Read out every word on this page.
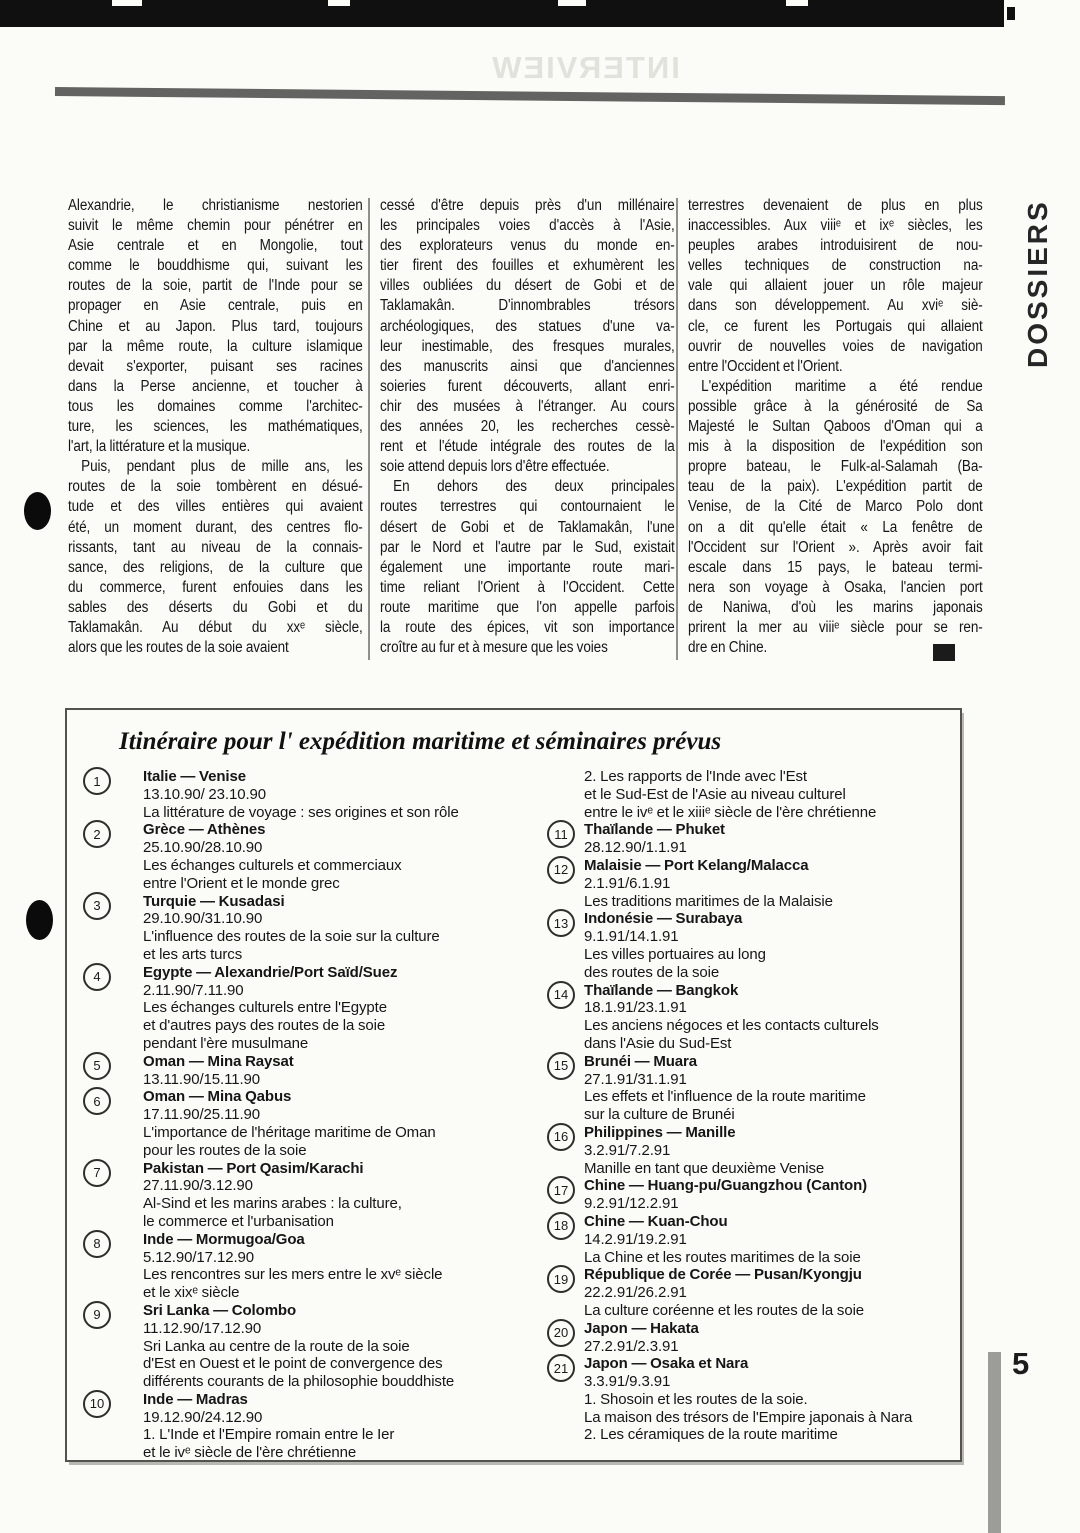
INTERVIEW
Alexandrie, le christianisme nestorien
suivit le même chemin pour pénétrer en
Asie centrale et en Mongolie, tout
comme le bouddhisme qui, suivant les
routes de la soie, partit de l'Inde pour se
propager en Asie centrale, puis en
Chine et au Japon. Plus tard, toujours
par la même route, la culture islamique
devait s'exporter, puisant ses racines
dans la Perse ancienne, et toucher à
tous les domaines comme l'architec-
ture, les sciences, les mathématiques,
l'art, la littérature et la musique.
Puis, pendant plus de mille ans, les
routes de la soie tombèrent en désué-
tude et des villes entières qui avaient
été, un moment durant, des centres flo-
rissants, tant au niveau de la connais-
sance, des religions, de la culture que
du commerce, furent enfouies dans les
sables des déserts du Gobi et du
Taklamakân. Au début du xxᵉ siècle,
alors que les routes de la soie avaient
cessé d'être depuis près d'un millénaire
les principales voies d'accès à l'Asie,
des explorateurs venus du monde en-
tier firent des fouilles et exhumèrent les
villes oubliées du désert de Gobi et de
Taklamakân. D'innombrables trésors
archéologiques, des statues d'une va-
leur inestimable, des fresques murales,
des manuscrits ainsi que d'anciennes
soieries furent découverts, allant enri-
chir des musées à l'étranger. Au cours
des années 20, les recherches cessè-
rent et l'étude intégrale des routes de la
soie attend depuis lors d'être effectuée.
En dehors des deux principales
routes terrestres qui contournaient le
désert de Gobi et de Taklamakân, l'une
par le Nord et l'autre par le Sud, existait
également une importante route mari-
time reliant l'Orient à l'Occident. Cette
route maritime que l'on appelle parfois
la route des épices, vit son importance
croître au fur et à mesure que les voies
terrestres devenaient de plus en plus
inaccessibles. Aux viiiᵉ et ixᵉ siècles, les
peuples arabes introduisirent de nou-
velles techniques de construction na-
vale qui allaient jouer un rôle majeur
dans son développement. Au xviᵉ siè-
cle, ce furent les Portugais qui allaient
ouvrir de nouvelles voies de navigation
entre l'Occident et l'Orient.
L'expédition maritime a été rendue
possible grâce à la générosité de Sa
Majesté le Sultan Qaboos d'Oman qui a
mis à la disposition de l'expédition son
propre bateau, le Fulk-al-Salamah (Ba-
teau de la paix). L'expédition partit de
Venise, de la Cité de Marco Polo dont
on a dit qu'elle était « La fenêtre de
l'Occident sur l'Orient ». Après avoir fait
escale dans 15 pays, le bateau termi-
nera son voyage à Osaka, l'ancien port
de Naniwa, d'où les marins japonais
prirent la mer au viiiᵉ siècle pour se ren-
dre en Chine.
Itinéraire pour l' expédition maritime et séminaires prévus
1	Italie — Venise
13.10.90/ 23.10.90
La littérature de voyage : ses origines et son rôle
2	Grèce — Athènes
25.10.90/28.10.90
Les échanges culturels et commerciaux
entre l'Orient et le monde grec
3	Turquie — Kusadasi
29.10.90/31.10.90
L'influence des routes de la soie sur la culture
et les arts turcs
4	Egypte — Alexandrie/Port Saïd/Suez
2.11.90/7.11.90
Les échanges culturels entre l'Egypte
et d'autres pays des routes de la soie
pendant l'ère musulmane
5	Oman — Mina Raysat
13.11.90/15.11.90
6	Oman — Mina Qabus
17.11.90/25.11.90
L'importance de l'héritage maritime de Oman
pour les routes de la soie
7	Pakistan — Port Qasim/Karachi
27.11.90/3.12.90
Al-Sind et les marins arabes : la culture,
le commerce et l'urbanisation
8	Inde — Mormugoa/Goa
5.12.90/17.12.90
Les rencontres sur les mers entre le xvᵉ siècle
et le xixᵉ siècle
9	Sri Lanka — Colombo
11.12.90/17.12.90
Sri Lanka au centre de la route de la soie
d'Est en Ouest et le point de convergence des
différents courants de la philosophie bouddhiste
10	Inde — Madras
19.12.90/24.12.90
1. L'Inde et l'Empire romain entre le Ier
et le ivᵉ siècle de l'ère chrétienne
2. Les rapports de l'Inde avec l'Est
et le Sud-Est de l'Asie au niveau culturel
entre le ivᵉ et le xiiiᵉ siècle de l'ère chrétienne
11	Thaïlande — Phuket
28.12.90/1.1.91
12	Malaisie — Port Kelang/Malacca
2.1.91/6.1.91
Les traditions maritimes de la Malaisie
13	Indonésie — Surabaya
9.1.91/14.1.91
Les villes portuaires au long
des routes de la soie
14	Thaïlande — Bangkok
18.1.91/23.1.91
Les anciens négoces et les contacts culturels
dans l'Asie du Sud-Est
15	Brunéi — Muara
27.1.91/31.1.91
Les effets et l'influence de la route maritime
sur la culture de Brunéi
16	Philippines — Manille
3.2.91/7.2.91
Manille en tant que deuxième Venise
17	Chine — Huang-pu/Guangzhou (Canton)
9.2.91/12.2.91
18	Chine — Kuan-Chou
14.2.91/19.2.91
La Chine et les routes maritimes de la soie
19	République de Corée — Pusan/Kyongju
22.2.91/26.2.91
La culture coréenne et les routes de la soie
20	Japon — Hakata
27.2.91/2.3.91
21	Japon — Osaka et Nara
3.3.91/9.3.91
1. Shosoin et les routes de la soie.
La maison des trésors de l'Empire japonais à Nara
2. Les céramiques de la route maritime
DOSSIERS
5
